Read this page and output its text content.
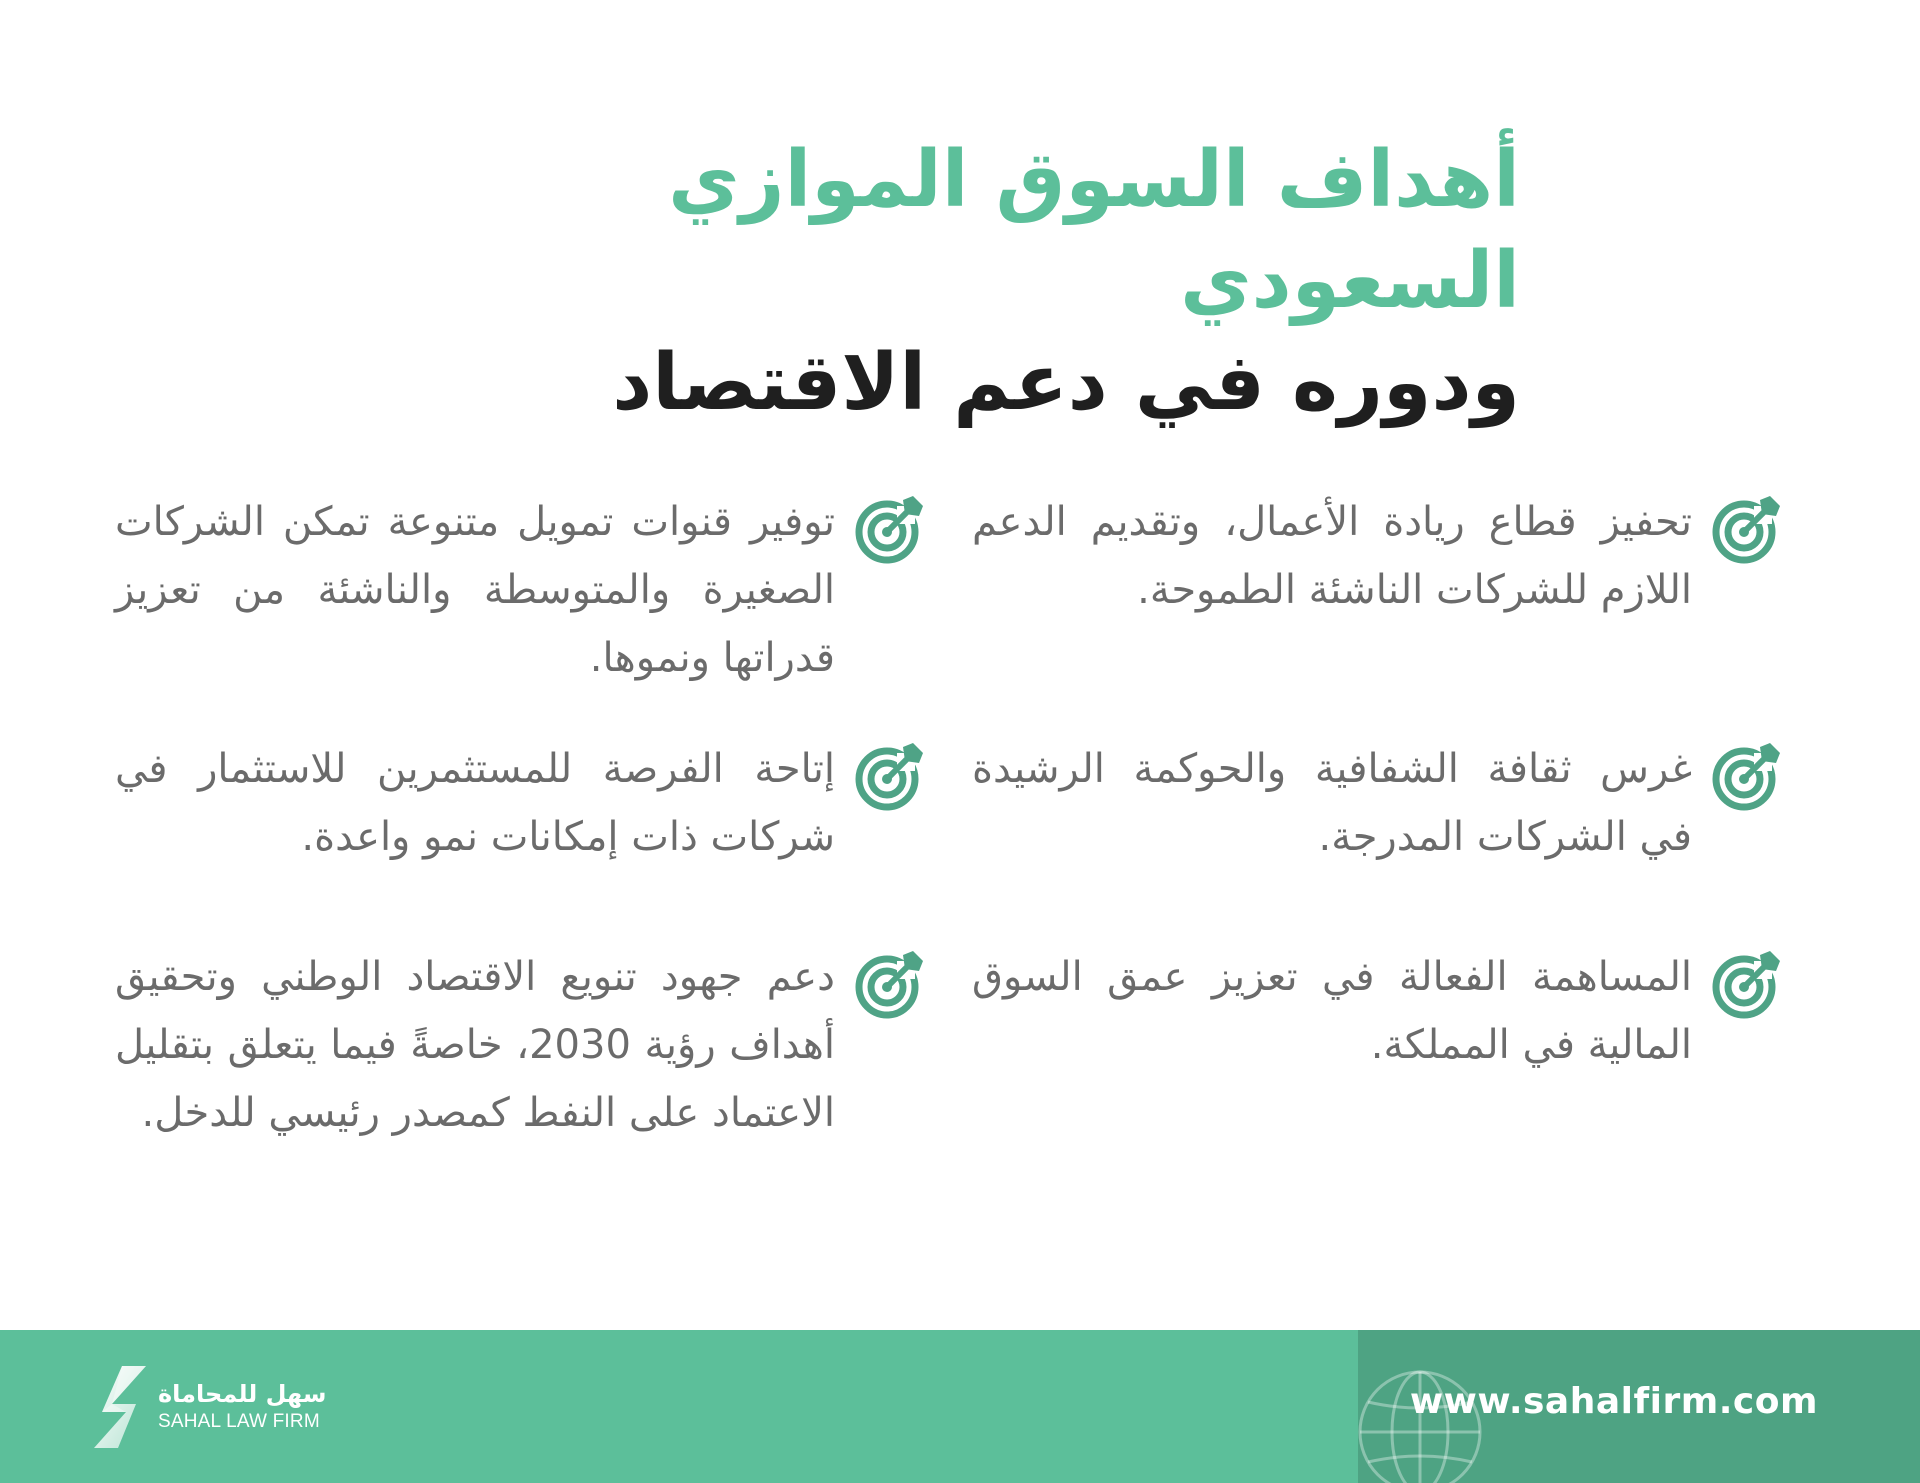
أهداف السوق الموازي السعودي
ودوره في دعم الاقتصاد

تحفيز قطاع ريادة الأعمال، وتقديم الدعم اللازم للشركات الناشئة الطموحة.

غرس ثقافة الشفافية والحوكمة الرشيدة في الشركات المدرجة.

المساهمة الفعالة في تعزيز عمق السوق المالية في المملكة.

توفير قنوات تمويل متنوعة تمكن الشركات الصغيرة والمتوسطة والناشئة من تعزيز قدراتها ونموها.

إتاحة الفرصة للمستثمرين للاستثمار في شركات ذات إمكانات نمو واعدة.

دعم جهود تنويع الاقتصاد الوطني وتحقيق أهداف رؤية 2030، خاصةً فيما يتعلق بتقليل الاعتماد على النفط كمصدر رئيسي للدخل.

سهل للمحاماة
SAHAL LAW FIRM	www.sahalfirm.com
